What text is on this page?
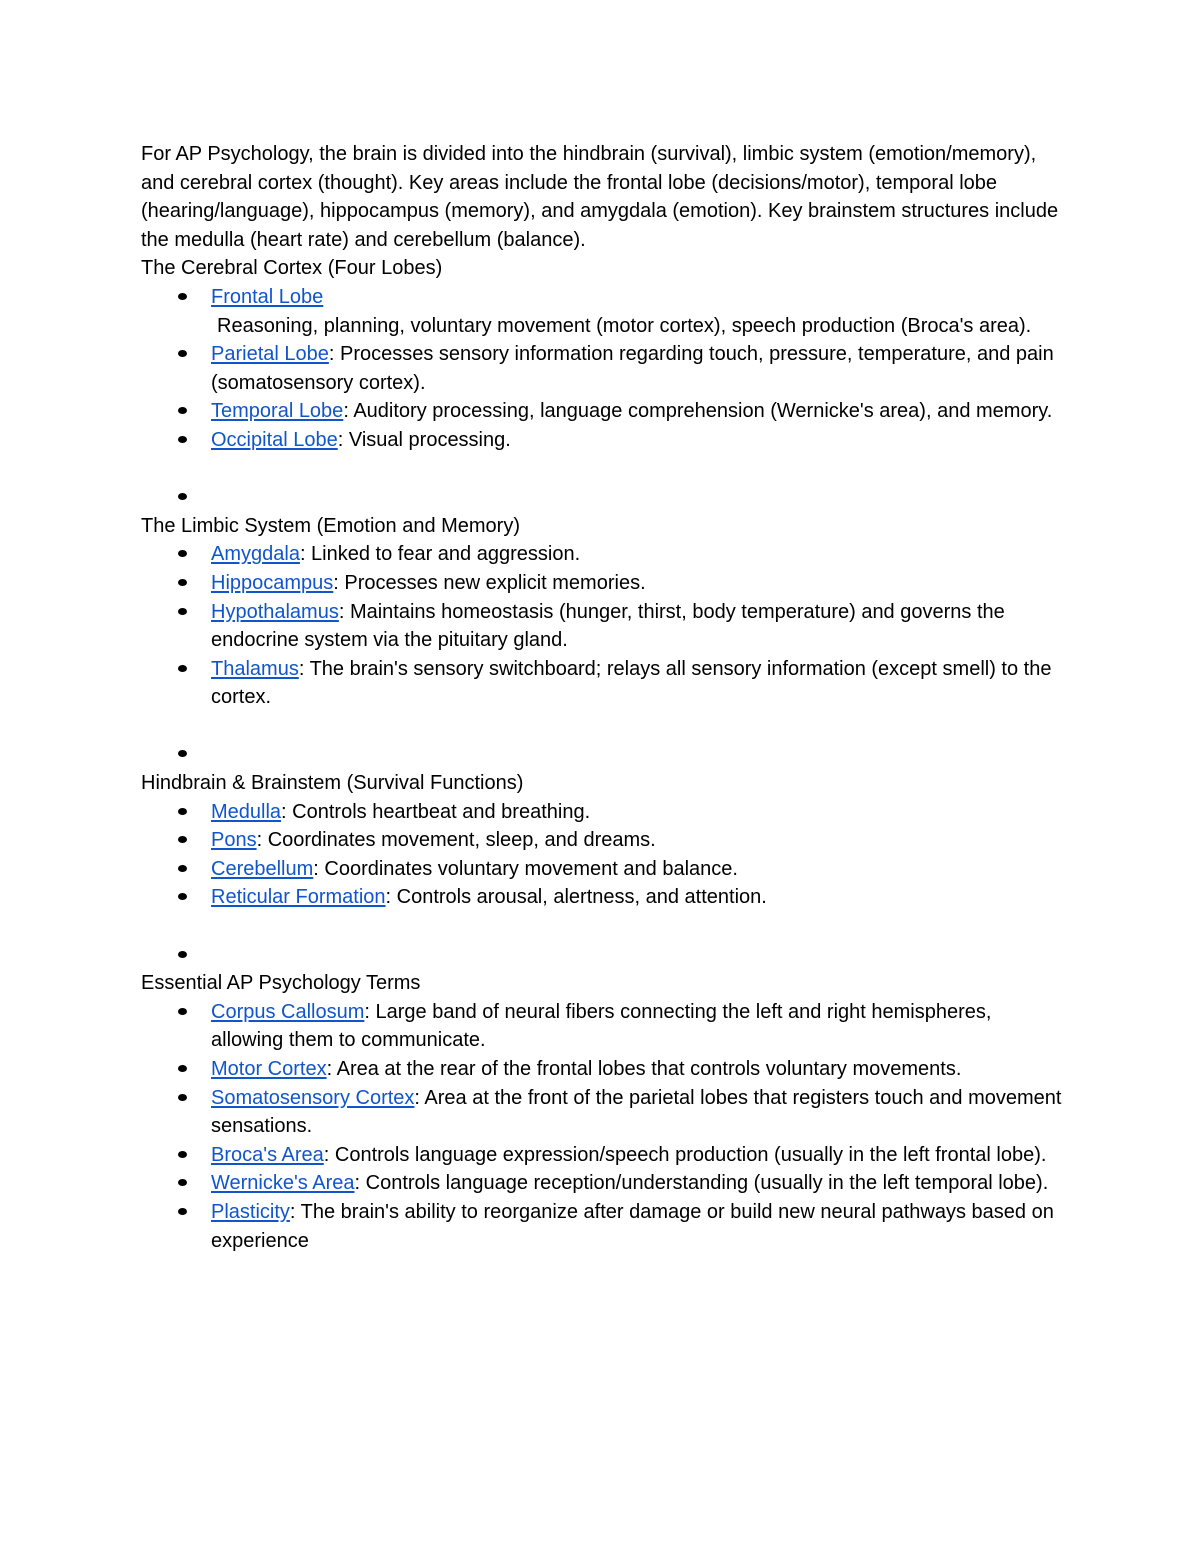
For AP Psychology, the brain is divided into the hindbrain (survival), limbic system (emotion/memory), and cerebral cortex (thought). Key areas include the frontal lobe (decisions/motor), temporal lobe (hearing/language), hippocampus (memory), and amygdala (emotion). Key brainstem structures include the medulla (heart rate) and cerebellum (balance).

The Cerebral Cortex (Four Lobes)
Frontal Lobe
Reasoning, planning, voluntary movement (motor cortex), speech production (Broca's area).
Parietal Lobe: Processes sensory information regarding touch, pressure, temperature, and pain (somatosensory cortex).
Temporal Lobe: Auditory processing, language comprehension (Wernicke's area), and memory.
Occipital Lobe: Visual processing.
The Limbic System (Emotion and Memory)
Amygdala: Linked to fear and aggression.
Hippocampus: Processes new explicit memories.
Hypothalamus: Maintains homeostasis (hunger, thirst, body temperature) and governs the endocrine system via the pituitary gland.
Thalamus: The brain's sensory switchboard; relays all sensory information (except smell) to the cortex.
Hindbrain & Brainstem (Survival Functions)
Medulla: Controls heartbeat and breathing.
Pons: Coordinates movement, sleep, and dreams.
Cerebellum: Coordinates voluntary movement and balance.
Reticular Formation: Controls arousal, alertness, and attention.
Essential AP Psychology Terms
Corpus Callosum: Large band of neural fibers connecting the left and right hemispheres, allowing them to communicate.
Motor Cortex: Area at the rear of the frontal lobes that controls voluntary movements.
Somatosensory Cortex: Area at the front of the parietal lobes that registers touch and movement sensations.
Broca's Area: Controls language expression/speech production (usually in the left frontal lobe).
Wernicke's Area: Controls language reception/understanding (usually in the left temporal lobe).
Plasticity: The brain's ability to reorganize after damage or build new neural pathways based on experience
